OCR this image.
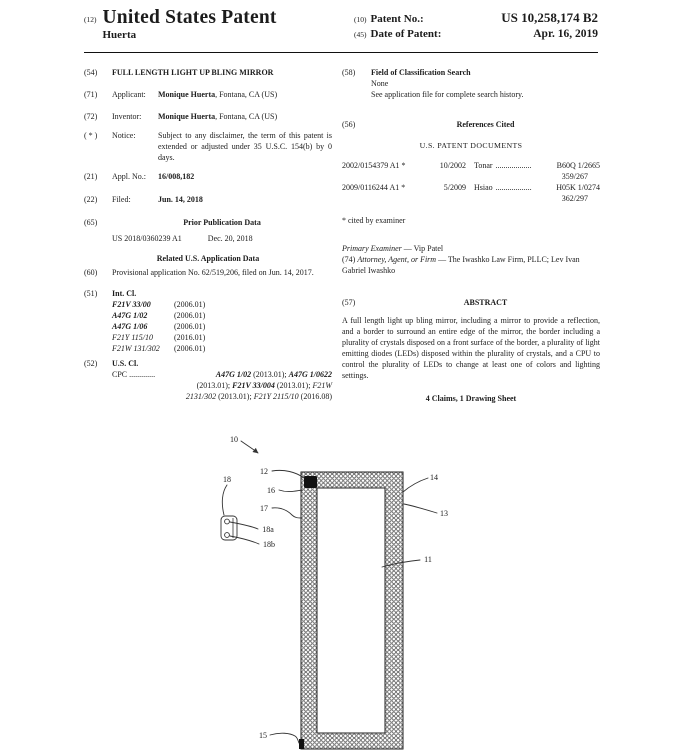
(12) United States Patent
Huerta
(10) Patent No.:	US 10,258,174 B2
(45) Date of Patent:	Apr. 16, 2019
(54)	FULL LENGTH LIGHT UP BLING MIRROR
(71)	Applicant:	Monique Huerta, Fontana, CA (US)
(72)	Inventor:	Monique Huerta, Fontana, CA (US)
( * )	Notice:	Subject to any disclaimer, the term of this patent is extended or adjusted under 35 U.S.C. 154(b) by 0 days.
(21)	Appl. No.:	16/008,182
(22)	Filed:	Jun. 14, 2018
(65)	Prior Publication Data
US 2018/0360239 A1	Dec. 20, 2018
Related U.S. Application Data
(60)	Provisional application No. 62/519,206, filed on Jun. 14, 2017.
(51)	Int. Cl.
F21V 33/00	(2006.01)
A47G 1/02	(2006.01)
A47G 1/06	(2006.01)
F21Y 115/10	(2016.01)
F21W 131/302	(2006.01)
(52)	U.S. Cl.
CPC .............	A47G 1/02 (2013.01); A47G 1/0622
(2013.01); F21V 33/004 (2013.01); F21W
2131/302 (2013.01); F21Y 2115/10 (2016.08)
(58)	Field of Classification Search
None
See application file for complete search history.
(56)	References Cited
U.S. PATENT DOCUMENTS
2002/0154379 A1 *	10/2002 Tonar ..................	B60Q 1/2665
359/267
2009/0116244 A1 *	5/2009 Hsiao ..................	H05K 1/0274
362/297
* cited by examiner
Primary Examiner — Vip Patel
(74) Attorney, Agent, or Firm — The Iwashko Law Firm, PLLC; Lev Ivan Gabriel Iwashko
(57)	ABSTRACT
A full length light up bling mirror, including a mirror to provide a reflection, and a border to surround an entire edge of the mirror, the border including a plurality of crystals disposed on a front surface of the border, a plurality of light emitting diodes (LEDs) disposed within the plurality of crystals, and a CPU to control the plurality of LEDs to change at least one of colors and lighting settings.
4 Claims, 1 Drawing Sheet
10
12
16
17
18
18a
18b
14
13
11
15
